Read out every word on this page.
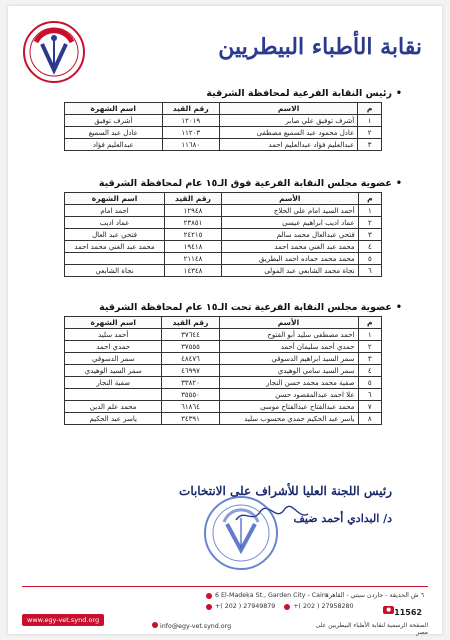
نقابة الأطباء البيطريين
•رئيس النقابة الفرعية لمحافظة الشرقية
م	الاسم	رقم القيد	اسم الشهرة
١	أشرف توفيق علي صابر	١٢٠١٩	أشرف توفيق
٢	عادل محمود عبد السميع مصطفى	١١٢٠٣	عادل عبد السميع
٣	عبدالعليم فؤاد عبدالعليم احمد	١١٦٨٠	عبدالعليم فؤاد
•عضوية مجلس النقابة الفرعية فوق الـ١٥ عام لمحافظة الشرقية
م	الأسم	رقم القيد	اسم الشهرة
١	أحمد السيد امام علي الحلاج	١٢٩٤٨	احمد امام
٢	عماد اديب ابراهيم عيسى	٢٣٨٥١	عماد اديب
٣	فتحي عبدالعال محمد سالم	٢٤٢١٥	فتحي عبد العال
٤	محمد عبد الغني محمد احمد	١٩٤١٨	محمد عبد الغني محمد احمد
٥	محمد محمد حماده احمد البطريق	٢١١٤٨	
٦	نجاة محمد الشابعي عبد المولى	١٤٣٤٨	نجاة الشابعي
•عضوية مجلس النقابة الفرعية تحت الـ١٥ عام لمحافظة الشرقية
م	الأسم	رقم القيد	اسم الشهرة
١	احمد مصطفى سليد أبو الفتوح	٣٧٦٤٤	أحمد سليد
٢	حمدي أحمد سليمان أحمد	٣٧٥٥٥	حمدي احمد
٣	سمر السيد ابراهيم الدسوقي	٤٨٤٧٦	سمر الدسوقي
٤	سمر السيد سامي الوهيدي	٤٦٩٩٧	سمر السيد الوهيدي
٥	صفية محمد محمد حسن النجار	٣٣٨٢٠	صفية النجار
٦	علا احمد عبدالمقصود حسن	٣٥٥٥٠	
٧	محمد عبدالفتاح عبدالفتاح موسى	٦١٨٦٤	محمد علم الدين
٨	ياسر عبد الحكيم حمدي محسوب سليد	٣٤٣٩١	ياسر عبد الحكيم
رئيس اللجنة العليا للأشراف على الانتخابات
د/ البدادي أحمد ضيف
6 El-Madeka St., Garden City - Cairo
+( 202 ) 27949879	+( 202 ) 27958280
٦ ش الحديقة - جاردن سيتي - القاهرة
● 11562
www.egy-vet.synd.org
info@egy-vet.synd.org	الصفحة الرسمية لنقابة الأطباء البيطريين على مصر
